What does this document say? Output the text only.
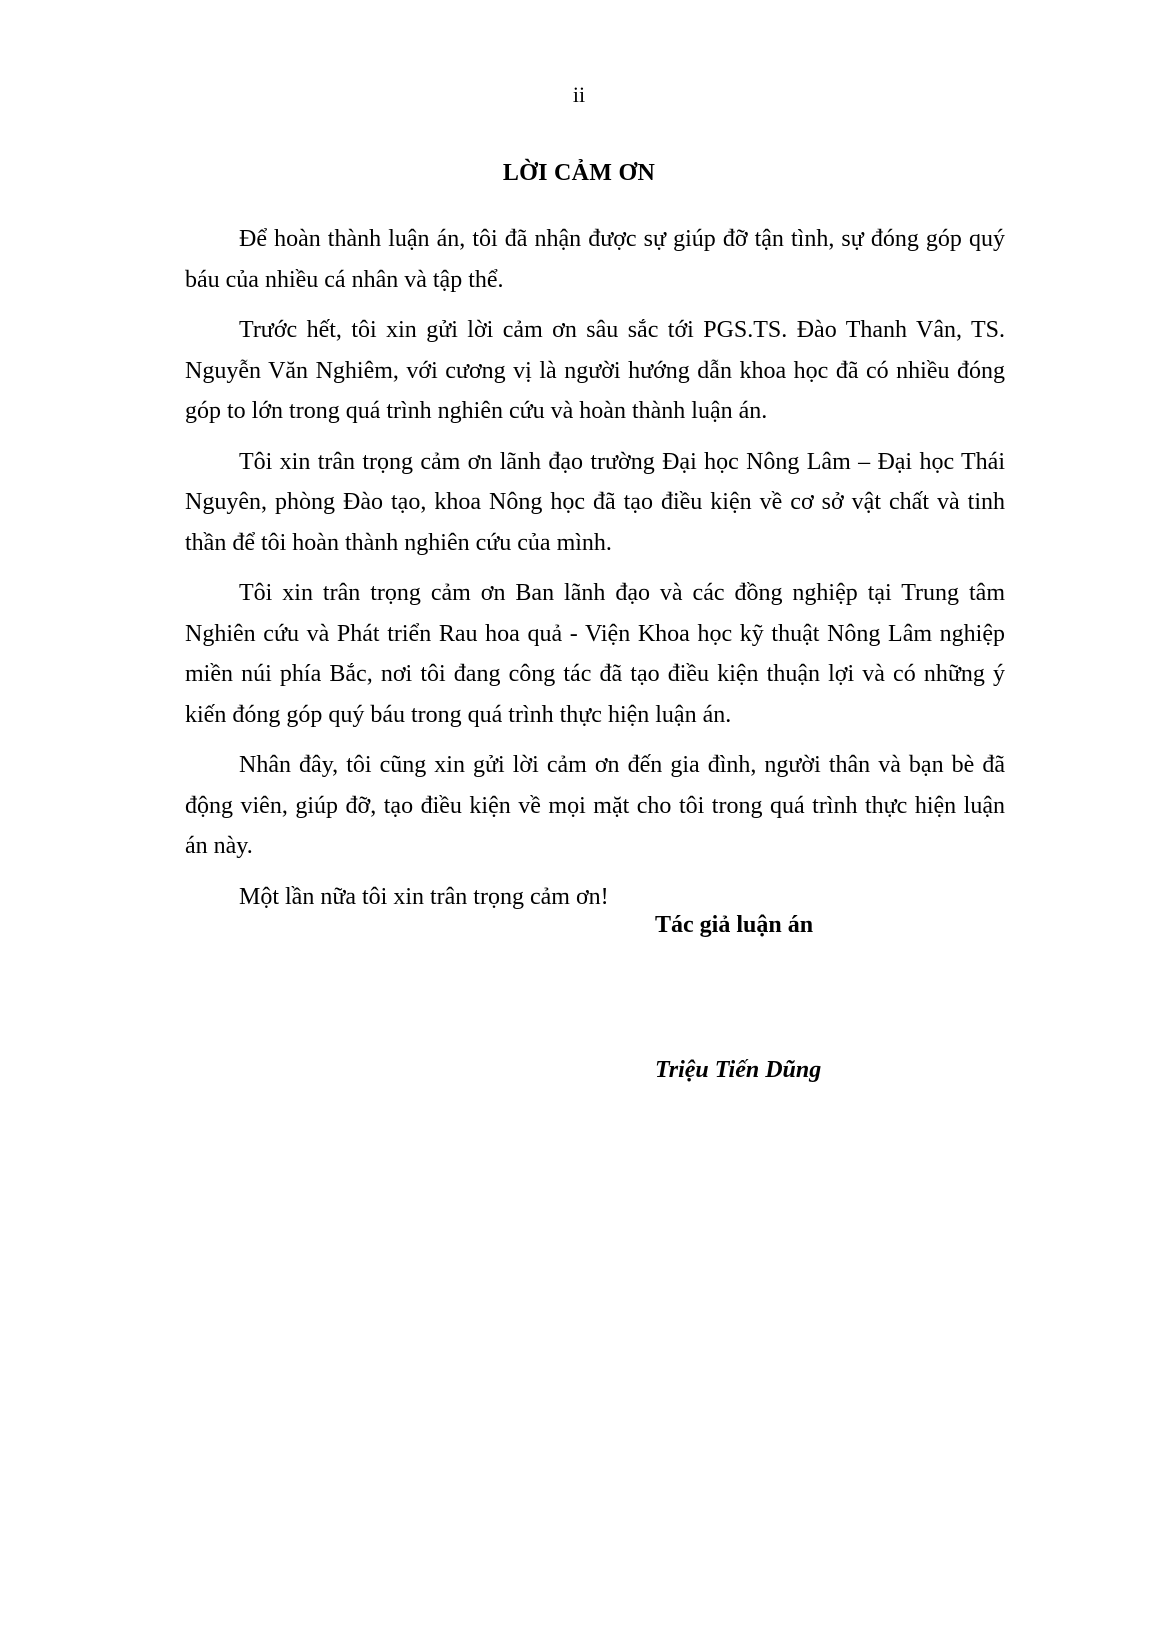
ii
LỜI CẢM ƠN

Để hoàn thành luận án, tôi đã nhận được sự giúp đỡ tận tình, sự đóng góp quý báu của nhiều cá nhân và tập thể.

Trước hết, tôi xin gửi lời cảm ơn sâu sắc tới PGS.TS. Đào Thanh Vân, TS. Nguyễn Văn Nghiêm, với cương vị là người hướng dẫn khoa học đã có nhiều đóng góp to lớn trong quá trình nghiên cứu và hoàn thành luận án.

Tôi xin trân trọng cảm ơn lãnh đạo trường Đại học Nông Lâm – Đại học Thái Nguyên, phòng Đào tạo, khoa Nông học đã tạo điều kiện về cơ sở vật chất và tinh thần để tôi hoàn thành nghiên cứu của mình.

Tôi xin trân trọng cảm ơn Ban lãnh đạo và các đồng nghiệp tại Trung tâm Nghiên cứu và Phát triển Rau hoa quả - Viện Khoa học kỹ thuật Nông Lâm nghiệp miền núi phía Bắc, nơi tôi đang công tác đã tạo điều kiện thuận lợi và có những ý kiến đóng góp quý báu trong quá trình thực hiện luận án.

Nhân đây, tôi cũng xin gửi lời cảm ơn đến gia đình, người thân và bạn bè đã động viên, giúp đỡ, tạo điều kiện về mọi mặt cho tôi trong quá trình thực hiện luận án này.

Một lần nữa tôi xin trân trọng cảm ơn!

Tác giả luận án
Triệu Tiến Dũng
